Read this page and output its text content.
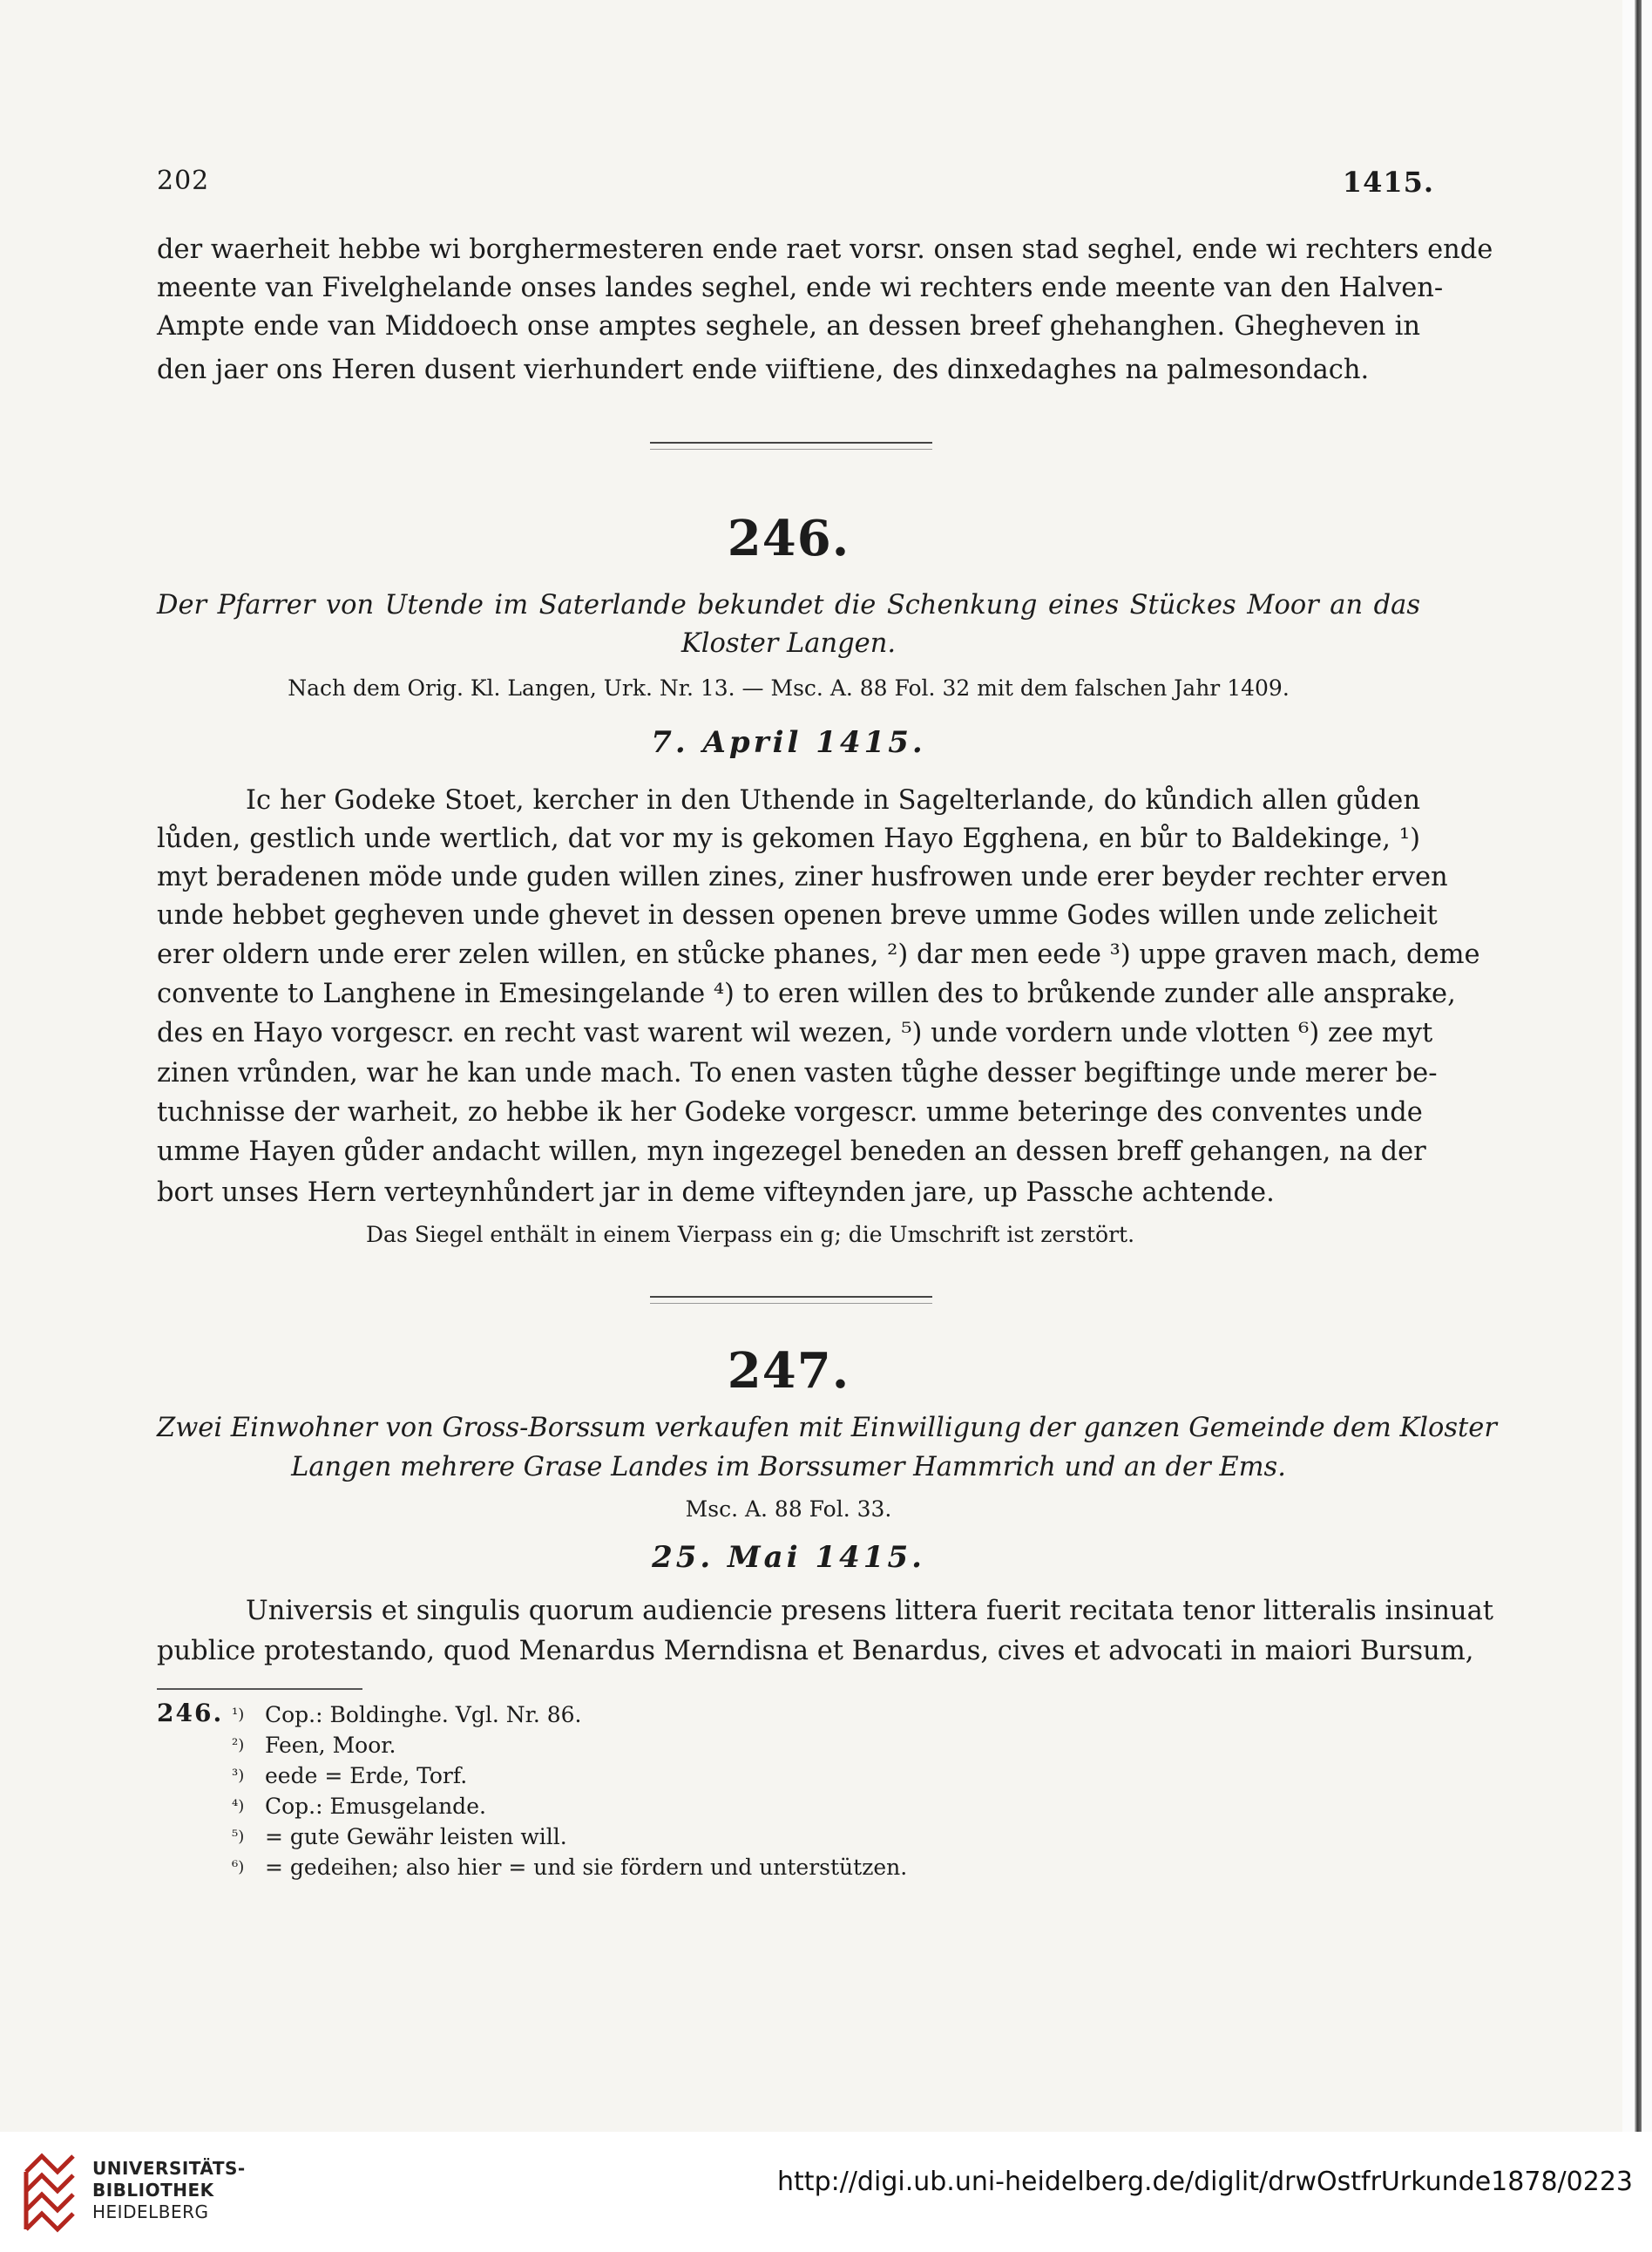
202	1415.
der waerheit hebbe wi borghermesteren ende raet vorsr. onsen stad seghel, ende wi rechters ende
meente van Fivelghelande onses landes seghel, ende wi rechters ende meente van den Halven-
Ampte ende van Middoech onse amptes seghele, an dessen breef ghehanghen. Ghegheven in
den jaer ons Heren dusent vierhundert ende viiftiene, des dinxedaghes na palmesondach.
246.
Der Pfarrer von Utende im Saterlande bekundet die Schenkung eines Stückes Moor an das
Kloster Langen.
Nach dem Orig. Kl. Langen, Urk. Nr. 13. — Msc. A. 88 Fol. 32 mit dem falschen Jahr 1409.
7. April 1415.
Ic her Godeke Stoet, kercher in den Uthende in Sagelterlande, do kůndich allen gůden
lůden, gestlich unde wertlich, dat vor my is gekomen Hayo Egghena, en bůr to Baldekinge, ¹)
myt beradenen möde unde guden willen zines, ziner husfrowen unde erer beyder rechter erven
unde hebbet gegheven unde ghevet in dessen openen breve umme Godes willen unde zelicheit
erer oldern unde erer zelen willen, en stůcke phanes, ²) dar men eede ³) uppe graven mach, deme
convente to Langhene in Emesingelande ⁴) to eren willen des to brůkende zunder alle ansprake,
des en Hayo vorgescr. en recht vast warent wil wezen, ⁵) unde vordern unde vlotten ⁶) zee myt
zinen vrůnden, war he kan unde mach. To enen vasten tůghe desser begiftinge unde merer be-
tuchnisse der warheit, zo hebbe ik her Godeke vorgescr. umme beteringe des conventes unde
umme Hayen gůder andacht willen, myn ingezegel beneden an dessen breff gehangen, na der
bort unses Hern verteynhůndert jar in deme vifteynden jare, up Passche achtende.
Das Siegel enthält in einem Vierpass ein g; die Umschrift ist zerstört.
247.
Zwei Einwohner von Gross-Borssum verkaufen mit Einwilligung der ganzen Gemeinde dem Kloster
Langen mehrere Grase Landes im Borssumer Hammrich und an der Ems.
Msc. A. 88 Fol. 33.
25. Mai 1415.
Universis et singulis quorum audiencie presens littera fuerit recitata tenor litteralis insinuat
publice protestando, quod Menardus Merndisna et Benardus, cives et advocati in maiori Bursum,
246. ¹) Cop.: Boldinghe. Vgl. Nr. 86.
²) Feen, Moor.
³) eede = Erde, Torf.
⁴) Cop.: Emusgelande.
⁵) = gute Gewähr leisten will.
⁶) = gedeihen; also hier = und sie fördern und unterstützen.
UNIVERSITÄTS-
BIBLIOTHEK
HEIDELBERG
http://digi.ub.uni-heidelberg.de/diglit/drwOstfrUrkunde1878/0223
